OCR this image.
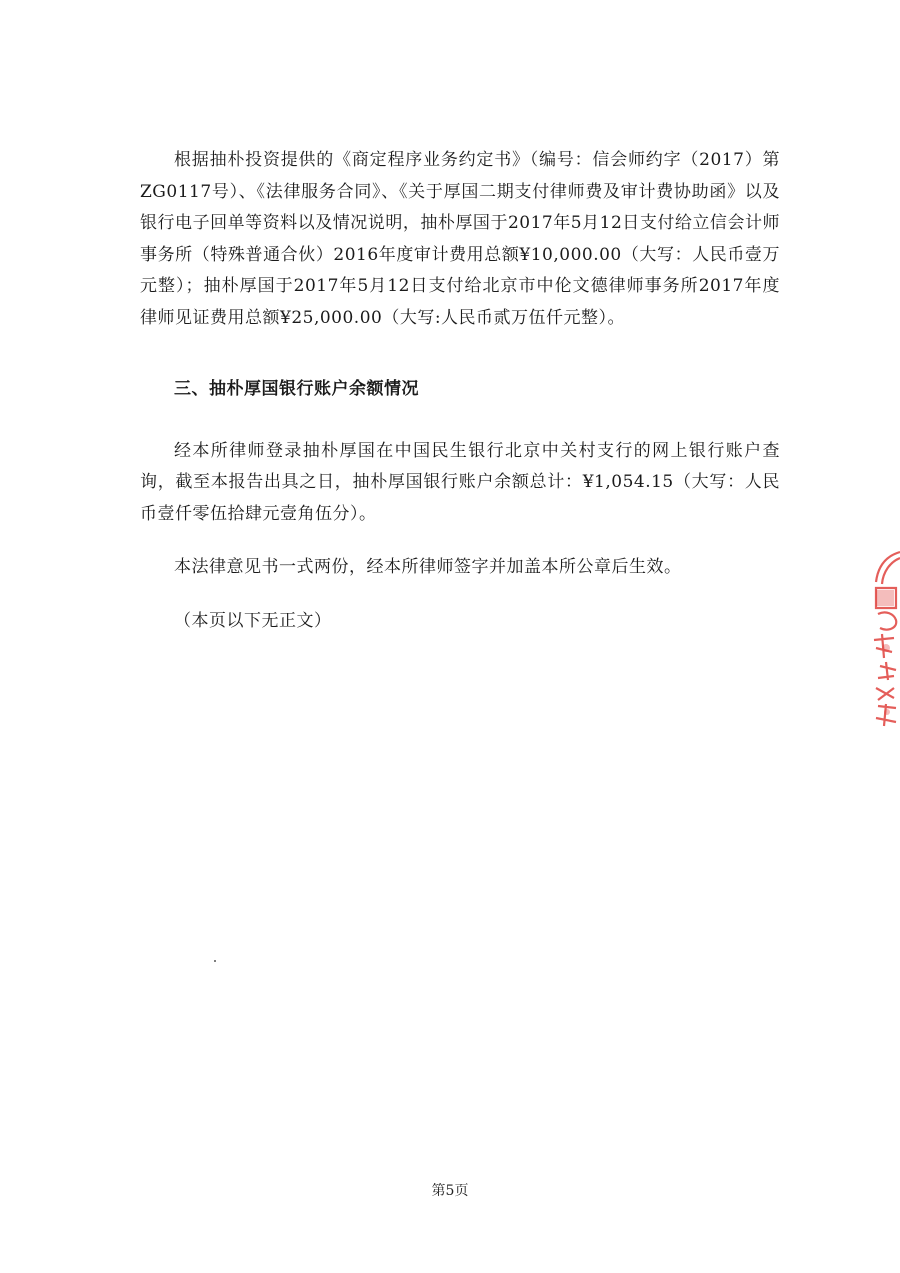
根据抽朴投资提供的《商定程序业务约定书》（编号：信会师约字（2017）第ZG0117号）、《法律服务合同》、《关于厚国二期支付律师费及审计费协助函》以及银行电子回单等资料以及情况说明，抽朴厚国于2017年5月12日支付给立信会计师事务所（特殊普通合伙）2016年度审计费用总额¥10,000.00（大写：人民币壹万元整）；抽朴厚国于2017年5月12日支付给北京市中伦文德律师事务所2017年度律师见证费用总额¥25,000.00（大写:人民币贰万伍仟元整）。

三、抽朴厚国银行账户余额情况

经本所律师登录抽朴厚国在中国民生银行北京中关村支行的网上银行账户查询，截至本报告出具之日，抽朴厚国银行账户余额总计：¥1,054.15（大写：人民币壹仟零伍拾肆元壹角伍分）。

本法律意见书一式两份，经本所律师签字并加盖本所公章后生效。

（本页以下无正文）

第5页
